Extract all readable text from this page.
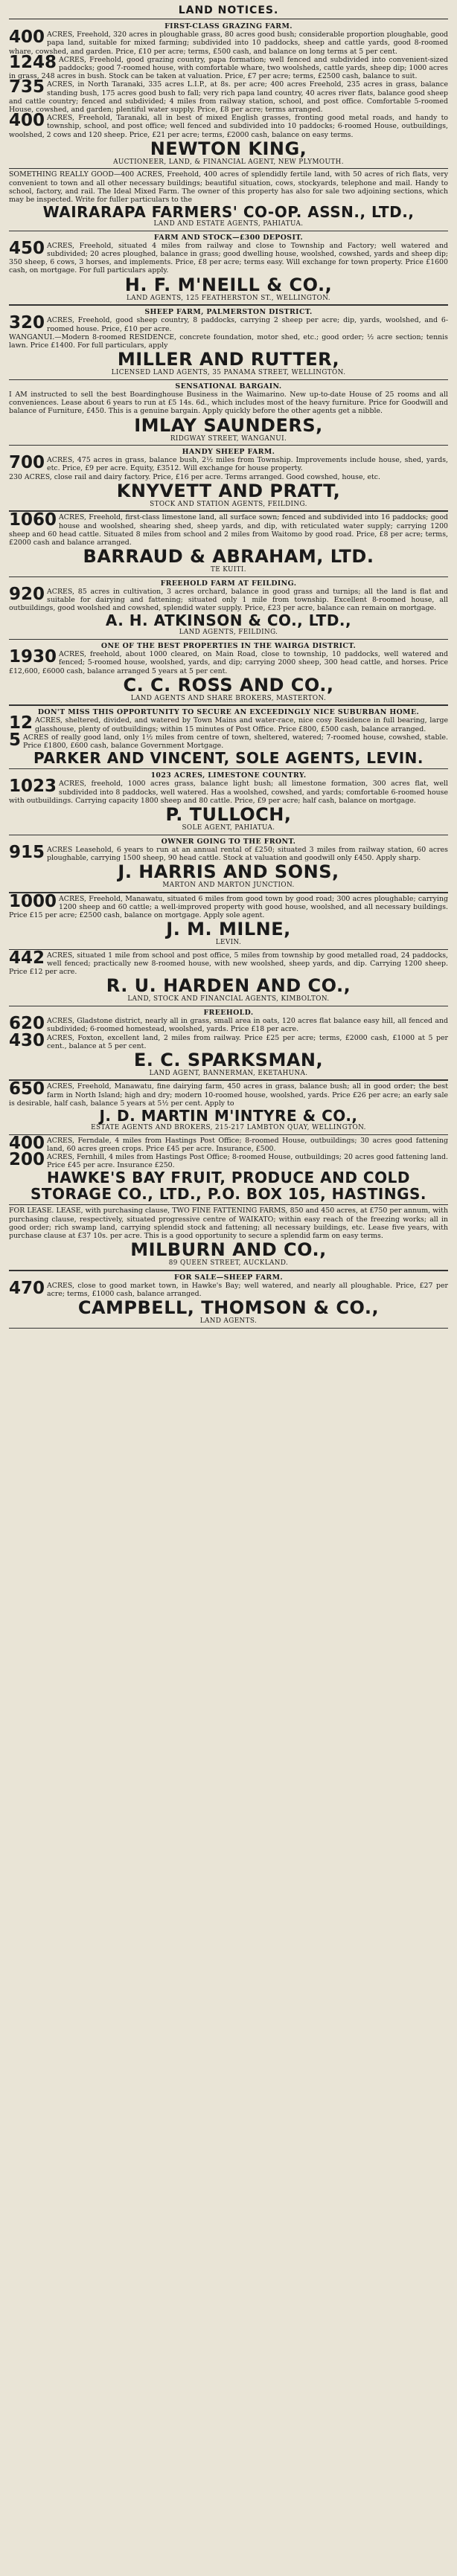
LAND NOTICES.
FIRST-CLASS GRAZING FARM.
400 ACRES, Freehold, 320 acres in ploughable grass, 80 acres good bush; considerable proportion ploughable, good papa land, suitable for mixed farming; subdivided into 10 paddocks, sheep and cattle yards, good 8-roomed whare, cowshed, and garden. Price, £10 per acre; terms, £500 cash, and balance on long terms at 5 per cent.
1248 ACRES, Freehold, good grazing country, papa formation; well fenced and subdivided into convenient-sized paddocks; good 7-roomed house, with comfortable whare, two woolsheds, cattle yards, sheep dip; 1000 acres in grass, 248 acres in bush. Stock can be taken at valuation. Price, £7 per acre; terms, £2500 cash, balance to suit.
735 ACRES, in North Taranaki, 335 acres L.I.P., at 8s. per acre; 400 acres Freehold, 235 acres in grass, balance standing bush, 175 acres good bush to fall; very rich papa land country, 40 acres river flats, balance good sheep and cattle country; fenced and subdivided; 4 miles from railway station, school, and post office. Comfortable 5-roomed House, cowshed, and garden; plentiful water supply. Price, £8 per acre; terms arranged.
400 ACRES, Freehold, Taranaki, all in best of mixed English grasses, fronting good metal roads, and handy to township, school, and post office; well fenced and subdivided into 10 paddocks; 6-roomed House, outbuildings, woolshed, 2 cows and 120 sheep. Price, £21 per acre; terms, £2000 cash, balance on easy terms.
NEWTON KING,
AUCTIONEER, LAND, & FINANCIAL AGENT, NEW PLYMOUTH.
SOMETHING REALLY GOOD—400 ACRES, Freehold, 400 acres of splendidly fertile land, with 50 acres of rich flats, very convenient to town and all other necessary buildings; beautiful situation, cows, stockyards, telephone and mail. Handy to school, factory, and rail. The Ideal Mixed Farm. The owner of this property has also for sale two adjoining sections, which may be inspected. Write for fuller particulars to the
WAIRARAPA FARMERS' CO-OP. ASSN., LTD.,
LAND AND ESTATE AGENTS, PAHIATUA.
FARM AND STOCK—£300 DEPOSIT.
450 ACRES, Freehold, situated 4 miles from railway and close to Township and Factory; well watered and subdivided; 20 acres ploughed, balance in grass; good dwelling house, woolshed, cowshed, yards and sheep dip; 350 sheep, 6 cows, 3 horses, and implements. Price, £8 per acre; terms easy. Will exchange for town property. Price £1600 cash, on mortgage. For full particulars apply.
H. F. M'NEILL & CO.,
LAND AGENTS, 125 FEATHERSTON ST., WELLINGTON.
SHEEP FARM, PALMERSTON DISTRICT.
320 ACRES, Freehold, good sheep country, 8 paddocks, carrying 2 sheep per acre; dip, yards, woolshed, and 6-roomed house. Price, £10 per acre.
WANGANUI.—Modern 8-roomed RESIDENCE, concrete foundation, motor shed, etc.; good order; ½ acre section; tennis lawn. Price £1400. For full particulars, apply
MILLER AND RUTTER,
LICENSED LAND AGENTS, 35 PANAMA STREET, WELLINGTON.
SENSATIONAL BARGAIN.
I AM instructed to sell the best Boardinghouse Business in the Waimarino. New up-to-date House of 25 rooms and all conveniences. Lease about 6 years to run at £5 14s. 6d., which includes most of the heavy furniture. Price for Goodwill and balance of Furniture, £450. This is a genuine bargain. Apply quickly before the other agents get a nibble.
IMLAY SAUNDERS,
RIDGWAY STREET, WANGANUI.
HANDY SHEEP FARM.
700 ACRES, 475 acres in grass, balance bush, 2½ miles from Township. Improvements include house, shed, yards, etc. Price, £9 per acre. Equity, £3512. Will exchange for house property.
230 ACRES, close rail and dairy factory. Price, £16 per acre. Terms arranged. Good cowshed, house, etc.
KNYVETT AND PRATT,
STOCK AND STATION AGENTS, FEILDING.
1060 ACRES, Freehold, first-class limestone land, all surface sown; fenced and subdivided into 16 paddocks; good house and woolshed, shearing shed, sheep yards, and dip, with reticulated water supply; carrying 1200 sheep and 60 head cattle. Situated 8 miles from school and 2 miles from Waitomo by good road. Price, £8 per acre; terms, £2000 cash and balance arranged.
BARRAUD & ABRAHAM, LTD.
TE KUITI.
FREEHOLD FARM AT FEILDING.
920 ACRES, 85 acres in cultivation, 3 acres orchard, balance in good grass and turnips; all the land is flat and suitable for dairying and fattening; situated only 1 mile from township. Excellent 8-roomed house, all outbuildings, good woolshed and cowshed, splendid water supply. Price, £23 per acre, balance can remain on mortgage.
A. H. ATKINSON & CO., LTD.,
LAND AGENTS, FEILDING.
ONE OF THE BEST PROPERTIES IN THE WAIRGA DISTRICT.
1930 ACRES, freehold, about 1000 cleared, on Main Road, close to township, 10 paddocks, well watered and fenced; 5-roomed house, woolshed, yards, and dip; carrying 2000 sheep, 300 head cattle, and horses. Price £12,600, £6000 cash, balance arranged 5 years at 5 per cent.
C. C. ROSS AND CO.,
LAND AGENTS AND SHARE BROKERS, MASTERTON.
DON'T MISS THIS OPPORTUNITY TO SECURE AN EXCEEDINGLY NICE SUBURBAN HOME.
12 ACRES, sheltered, divided, and watered by Town Mains and water-race, nice cosy Residence in full bearing, large glasshouse, plenty of outbuildings; within 15 minutes of Post Office. Price £800, £500 cash, balance arranged.
5 ACRES of really good land, only 1½ miles from centre of town, sheltered, watered; 7-roomed house, cowshed, stable. Price £1800, £600 cash, balance Government Mortgage.
PARKER AND VINCENT, SOLE AGENTS, LEVIN.
1023 ACRES, LIMESTONE COUNTRY.
1023 ACRES, freehold, 1000 acres grass, balance light bush; all limestone formation, 300 acres flat, well subdivided into 8 paddocks, well watered. Has a woolshed, cowshed, and yards; comfortable 6-roomed house with outbuildings. Carrying capacity 1800 sheep and 80 cattle. Price, £9 per acre; half cash, balance on mortgage.
P. TULLOCH,
SOLE AGENT, PAHIATUA.
OWNER GOING TO THE FRONT.
915 ACRES Leasehold, 6 years to run at an annual rental of £250; situated 3 miles from railway station, 60 acres ploughable, carrying 1500 sheep, 90 head cattle. Stock at valuation and goodwill only £450. Apply sharp.
J. HARRIS AND SONS,
MARTON AND MARTON JUNCTION.
1000 ACRES, Freehold, Manawatu, situated 6 miles from good town by good road; 300 acres ploughable; carrying 1200 sheep and 60 cattle; a well-improved property with good house, woolshed, and all necessary buildings. Price £15 per acre; £2500 cash, balance on mortgage. Apply sole agent.
J. M. MILNE,
LEVIN.
442 ACRES, situated 1 mile from school and post office, 5 miles from township by good metalled road, 24 paddocks, well fenced; practically new 8-roomed house, with new woolshed, sheep yards, and dip. Carrying 1200 sheep. Price £12 per acre.
R. U. HARDEN AND CO.,
LAND, STOCK AND FINANCIAL AGENTS, KIMBOLTON.
FREEHOLD.
620 ACRES, Gladstone district, nearly all in grass, small area in oats, 120 acres flat balance easy hill, all fenced and subdivided; 6-roomed homestead, woolshed, yards. Price £18 per acre.
430 ACRES, Foxton, excellent land, 2 miles from railway. Price £25 per acre; terms, £2000 cash, £1000 at 5 per cent., balance at 5 per cent.
E. C. SPARKSMAN,
LAND AGENT, BANNERMAN, EKETAHUNA.
650 ACRES, Freehold, Manawatu, fine dairying farm, 450 acres in grass, balance bush; all in good order; the best farm in North Island; high and dry; modern 10-roomed house, woolshed, yards. Price £26 per acre; an early sale is desirable, half cash, balance 5 years at 5½ per cent. Apply to
J. D. MARTIN M'INTYRE & CO.,
ESTATE AGENTS AND BROKERS, 215-217 LAMBTON QUAY, WELLINGTON.
400 ACRES, Ferndale, 4 miles from Hastings Post Office; 8-roomed House, outbuildings; 30 acres good fattening land, 60 acres green crops. Price £45 per acre. Insurance, £500.
200 ACRES, Fernhill, 4 miles from Hastings Post Office; 8-roomed House, outbuildings; 20 acres good fattening land. Price £45 per acre. Insurance £250.
HAWKE'S BAY FRUIT, PRODUCE AND COLD STORAGE CO., LTD., P.O. BOX 105, HASTINGS.
FOR LEASE. LEASE, with purchasing clause, TWO FINE FATTENING FARMS, 850 and 450 acres, at £750 per annum, with purchasing clause, respectively, situated progressive centre of WAIKATO; within easy reach of the freezing works; all in good order; rich swamp land, carrying splendid stock and fattening; all necessary buildings, etc. Lease five years, with purchase clause at £37 10s. per acre. This is a good opportunity to secure a splendid farm on easy terms.
MILBURN AND CO.,
89 QUEEN STREET, AUCKLAND.
FOR SALE—SHEEP FARM.
470 ACRES, close to good market town, in Hawke's Bay; well watered, and nearly all ploughable. Price, £27 per acre; terms, £1000 cash, balance arranged.
CAMPBELL, THOMSON & CO.,
LAND AGENTS.
